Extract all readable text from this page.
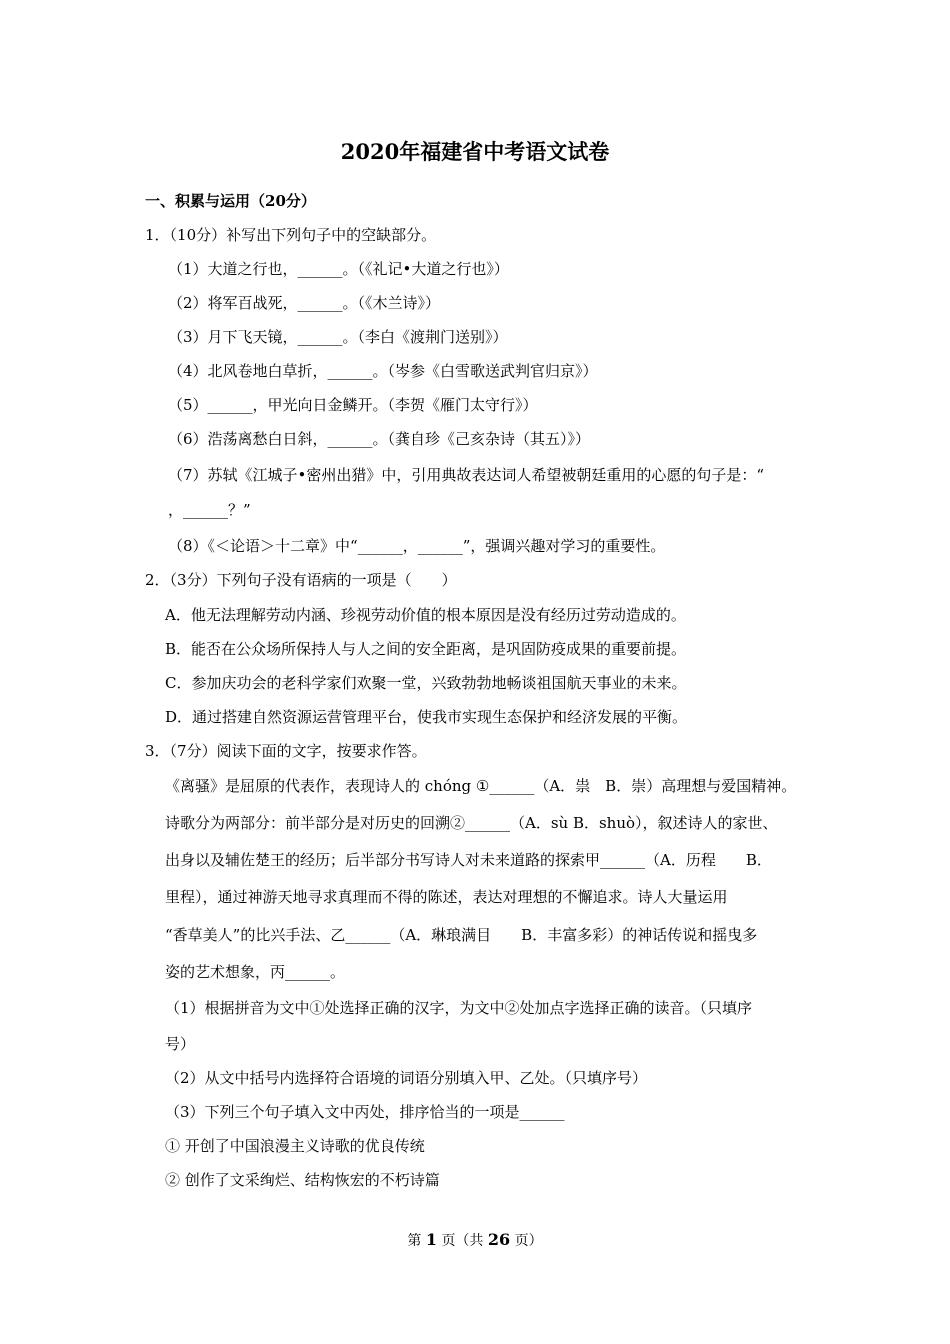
2020年福建省中考语文试卷
一、积累与运用（20分）
1．（10分）补写出下列句子中的空缺部分。
（1）大道之行也，______。（《礼记•大道之行也》）
（2）将军百战死，______。（《木兰诗》）
（3）月下飞天镜，______。（李白《渡荆门送别》）
（4）北风卷地白草折，______。（岑参《白雪歌送武判官归京》）
（5）______，甲光向日金鳞开。（李贺《雁门太守行》）
（6）浩荡离愁白日斜，______。（龚自珍《己亥杂诗（其五）》）
（7）苏轼《江城子•密州出猎》中，引用典故表达词人希望被朝廷重用的心愿的句子是：“
，______？”
（8）《＜论语＞十二章》中“______，______”，强调兴趣对学习的重要性。
2．（3分）下列句子没有语病的一项是（　　）
A．他无法理解劳动内涵、珍视劳动价值的根本原因是没有经历过劳动造成的。
B．能否在公众场所保持人与人之间的安全距离，是巩固防疫成果的重要前提。
C．参加庆功会的老科学家们欢聚一堂，兴致勃勃地畅谈祖国航天事业的未来。
D．通过搭建自然资源运营管理平台，使我市实现生态保护和经济发展的平衡。
3．（7分）阅读下面的文字，按要求作答。
《离骚》是屈原的代表作，表现诗人的 chóng ①______（A．祟　B．崇）高理想与爱国精神。
诗歌分为两部分：前半部分是对历史的回溯②______（A．sù B．shuò），叙述诗人的家世、
出身以及辅佐楚王的经历；后半部分书写诗人对未来道路的探索甲______（A．历程　　B．
里程），通过神游天地寻求真理而不得的陈述，表达对理想的不懈追求。诗人大量运用
“香草美人”的比兴手法、乙______（A．琳琅满目　　B．丰富多彩）的神话传说和摇曳多
姿的艺术想象，丙______。
（1）根据拼音为文中①处选择正确的汉字，为文中②处加点字选择正确的读音。（只填序
号）
（2）从文中括号内选择符合语境的词语分别填入甲、乙处。（只填序号）
（3）下列三个句子填入文中丙处，排序恰当的一项是______
① 开创了中国浪漫主义诗歌的优良传统
② 创作了文采绚烂、结构恢宏的不朽诗篇
第 1 页（共 26 页）
